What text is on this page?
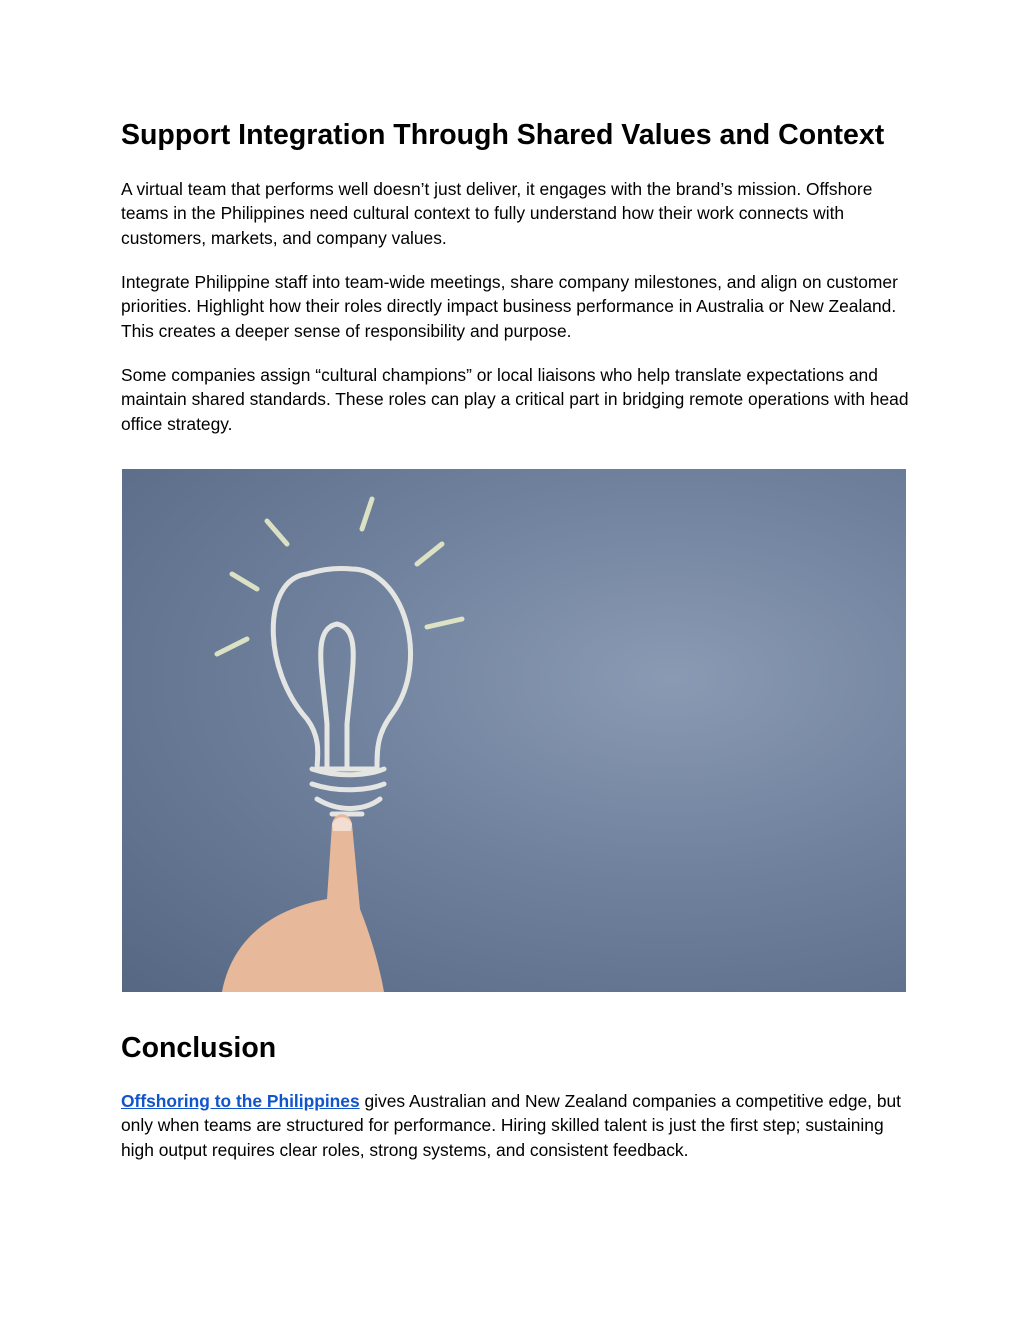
Support Integration Through Shared Values and Context

A virtual team that performs well doesn’t just deliver, it engages with the brand’s mission. Offshore teams in the Philippines need cultural context to fully understand how their work connects with customers, markets, and company values.

Integrate Philippine staff into team-wide meetings, share company milestones, and align on customer priorities. Highlight how their roles directly impact business performance in Australia or New Zealand. This creates a deeper sense of responsibility and purpose.

Some companies assign “cultural champions” or local liaisons who help translate expectations and maintain shared standards. These roles can play a critical part in bridging remote operations with head office strategy.

Conclusion

Offshoring to the Philippines gives Australian and New Zealand companies a competitive edge, but only when teams are structured for performance. Hiring skilled talent is just the first step; sustaining high output requires clear roles, strong systems, and consistent feedback.
